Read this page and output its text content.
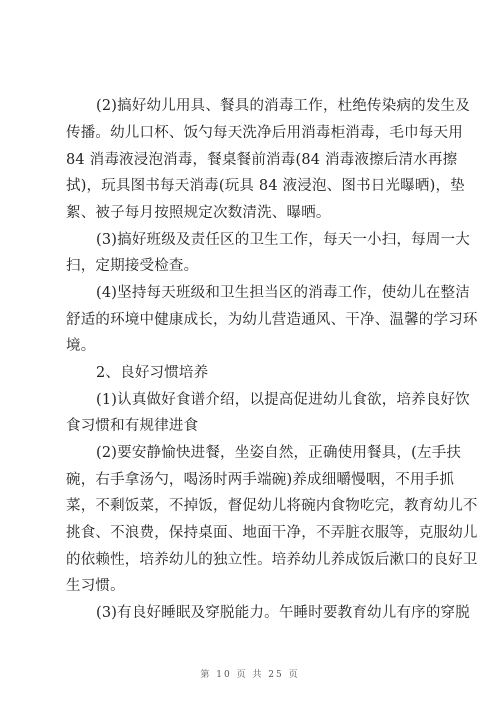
(2)搞好幼儿用具、餐具的消毒工作，杜绝传染病的发生及
传播。幼儿口杯、饭勺每天洗净后用消毒柜消毒，毛巾每天用
84 消毒液浸泡消毒，餐桌餐前消毒(84 消毒液擦后清水再擦
拭)，玩具图书每天消毒(玩具 84 液浸泡、图书日光曝晒)，垫
絮、被子每月按照规定次数清洗、曝晒。
(3)搞好班级及责任区的卫生工作，每天一小扫，每周一大
扫，定期接受检查。
(4)坚持每天班级和卫生担当区的消毒工作，使幼儿在整洁
舒适的环境中健康成长，为幼儿营造通风、干净、温馨的学习环
境。
2、良好习惯培养
(1)认真做好食谱介绍，以提高促进幼儿食欲，培养良好饮
食习惯和有规律进食
(2)要安静愉快进餐，坐姿自然，正确使用餐具，(左手扶
碗，右手拿汤勺，喝汤时两手端碗)养成细嚼慢咽，不用手抓
菜，不剩饭菜，不掉饭，督促幼儿将碗内食物吃完，教育幼儿不
挑食、不浪费，保持桌面、地面干净，不弄脏衣服等，克服幼儿
的依赖性，培养幼儿的独立性。培养幼儿养成饭后漱口的良好卫
生习惯。
(3)有良好睡眠及穿脱能力。午睡时要教育幼儿有序的穿脱
第 10 页 共 25 页
